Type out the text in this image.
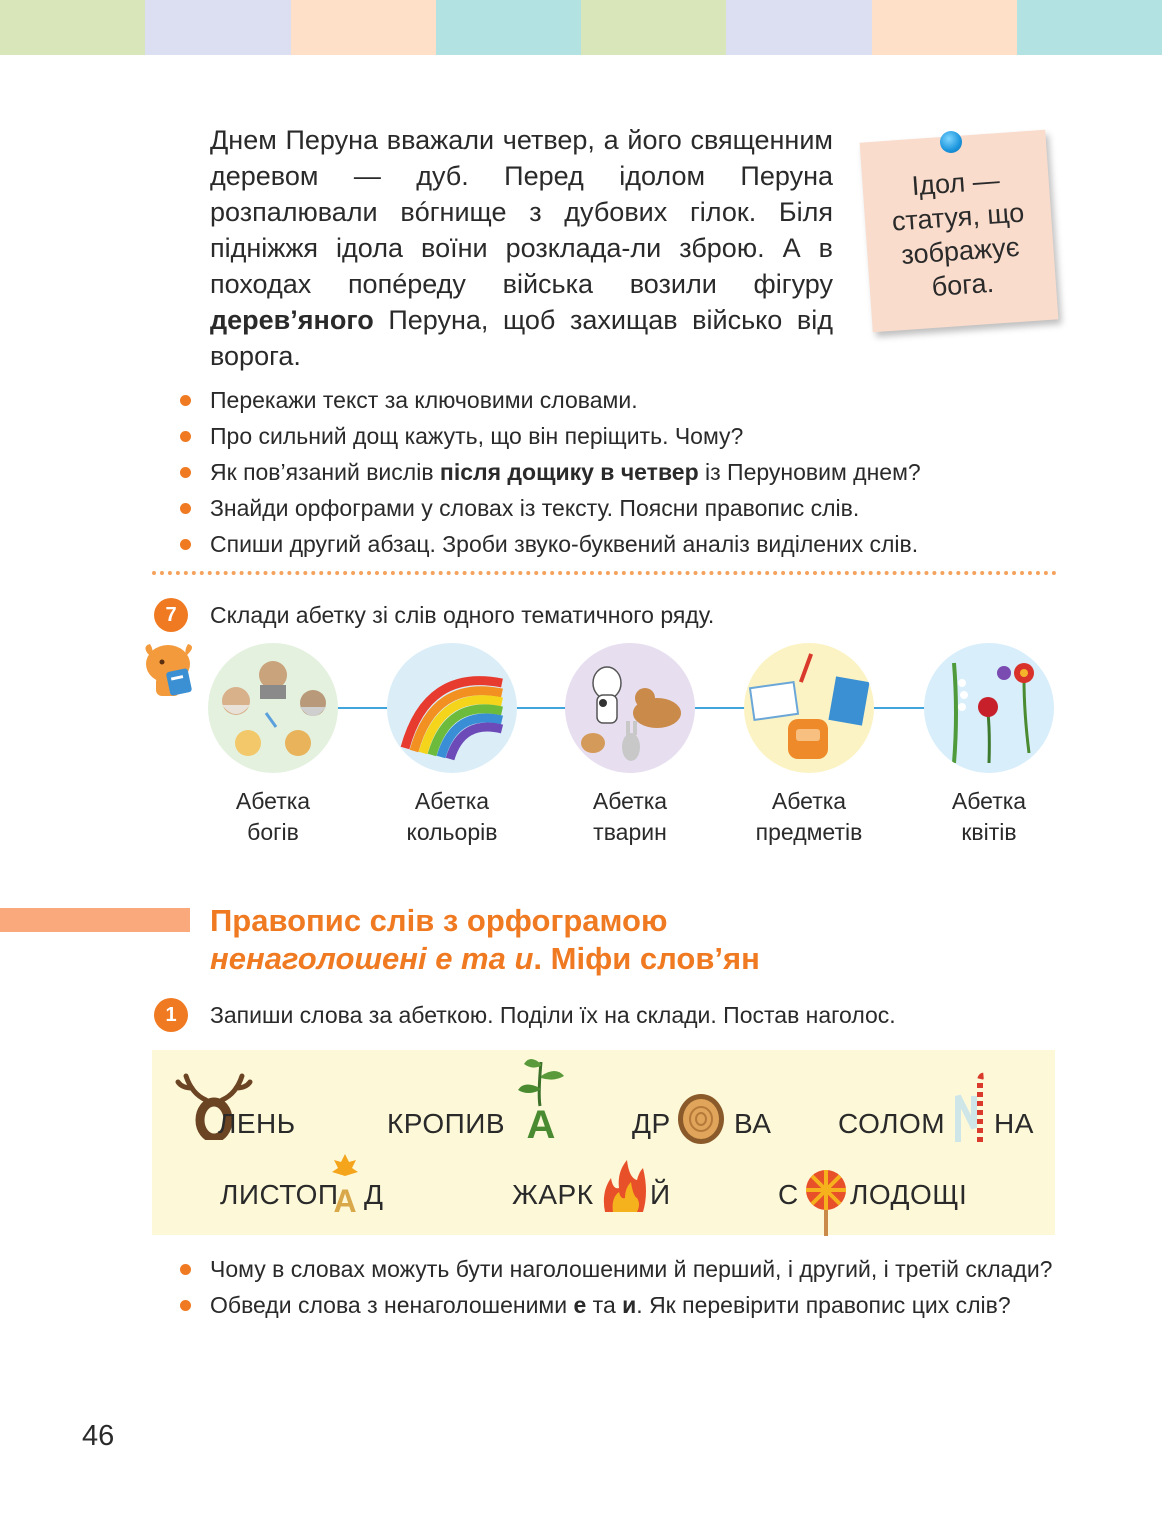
Днем Перуна вважали четвер, а його священним деревом — дуб. Перед ідолом Перуна розпалювали вóгнище з дубових гілок. Біля підніжжя ідола воїни розклада-ли зброю. А в походах попéреду війська возили фігуру дерев’яного Перуна, щоб захищав військо від ворога.

Ідол —
статуя, що
зображує
бога.
Перекажи текст за ключовими словами.
Про сильний дощ кажуть, що він періщить. Чому?
Як пов’язаний вислів після дощику в четвер із Перуновим днем?
Знайди орфограми у словах із тексту. Поясни правопис слів.
Спиши другий абзац. Зроби звуко-буквений аналіз виділених слів.
7	Склади абетку зі слів одного тематичного ряду.
Абетка
богів
Абетка
кольорів
Абетка
тварин
Абетка
предметів
Абетка
квітів
Правопис слів з орфограмою
ненаголошені е та и. Міфи слов’ян
1	Запиши слова за абеткою. Поділи їх на склади. Постав наголос.
ЛЕНЬ	КРОПИВ A	ДР ВА СОЛОМ НА
ЛИСТОП
A Д	ЖАРК Й	С ЛОДОЩІ
Чому в словах можуть бути наголошеними й перший, і другий, і третій склади?
Обведи слова з ненаголошеними е та и. Як перевірити правопис цих слів?
46
